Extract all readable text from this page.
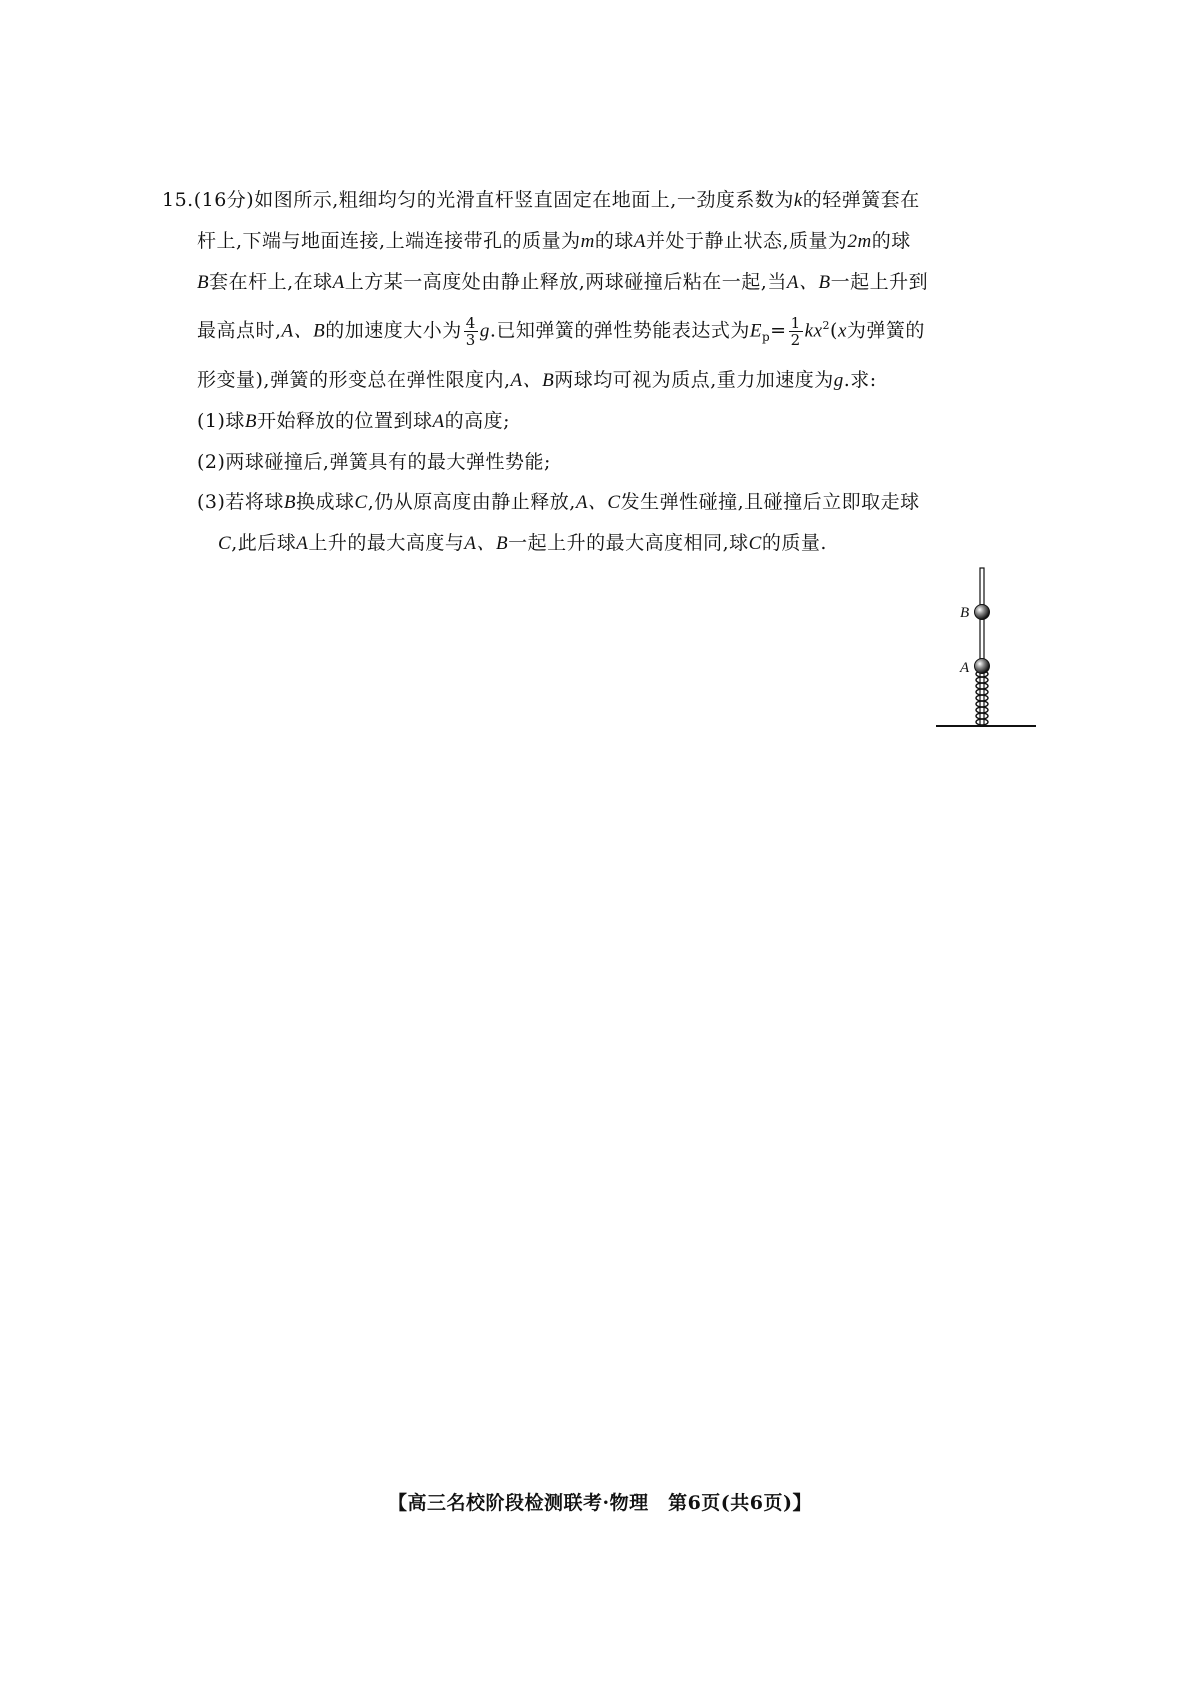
15.(16分)如图所示,粗细均匀的光滑直杆竖直固定在地面上,一劲度系数为k的轻弹簧套在
杆上,下端与地面连接,上端连接带孔的质量为m的球A并处于静止状态,质量为2m的球
B套在杆上,在球A上方某一高度处由静止释放,两球碰撞后粘在一起,当A、B一起上升到
最高点时,A、B的加速度大小为 $\frac{4}{3} g$.已知弹簧的弹性势能表达式为$E_p= \frac{1}{2} kx^2(x$为弹簧的
形变量),弹簧的形变总在弹性限度内,A、B两球均可视为质点,重力加速度为g.求:

(1)球B开始释放的位置到球A的高度;
(2)两球碰撞后,弹簧具有的最大弹性势能;
(3)若将球B换成球C,仍从原高度由静止释放,A、C发生弹性碰撞,且碰撞后立即取走球
C,此后球A上升的最大高度与A、B一起上升的最大高度相同,球C的质量.
B
A
【高三名校阶段检测联考·物理　第6页(共6页)】
